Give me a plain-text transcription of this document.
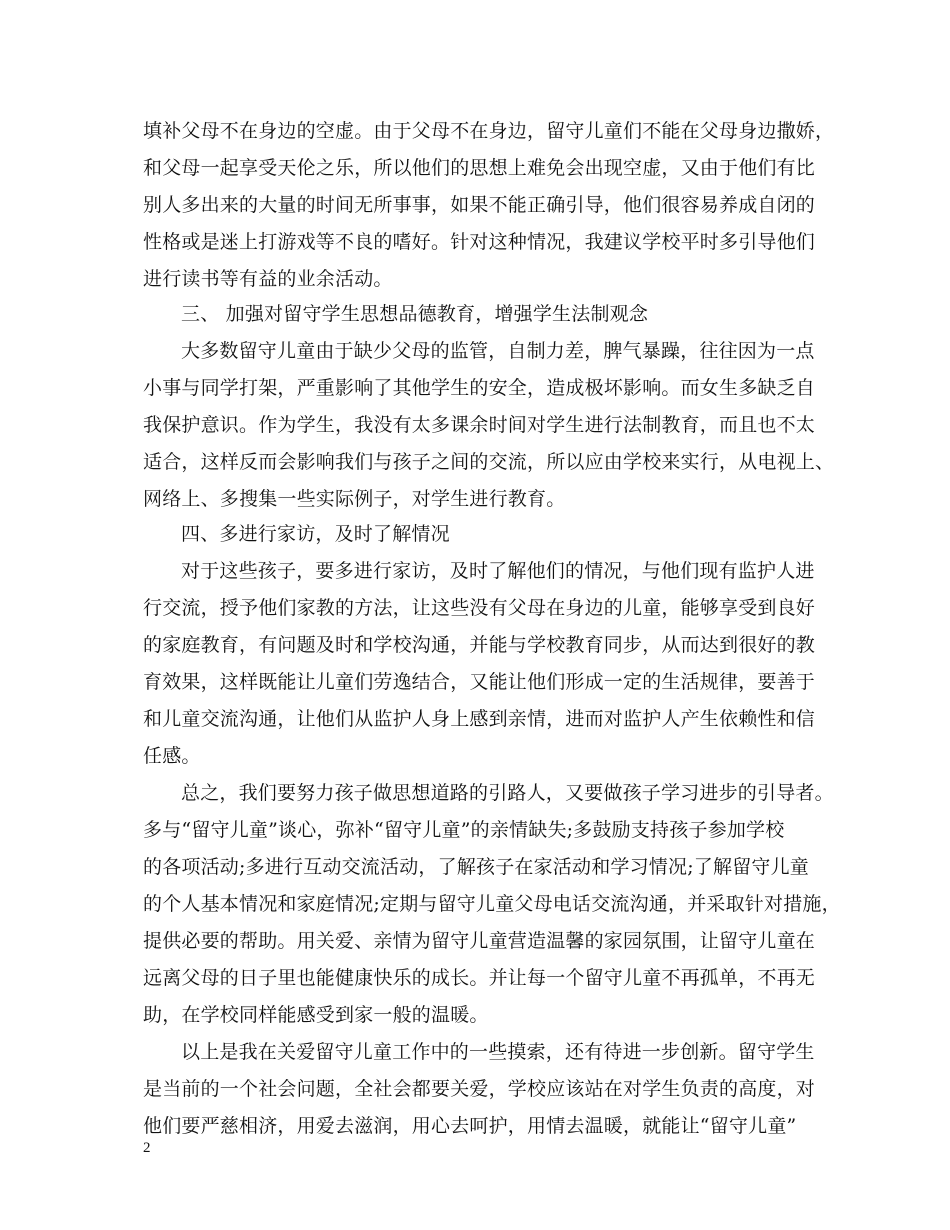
填补父母不在身边的空虚。由于父母不在身边，留守儿童们不能在父母身边撒娇，
和父母一起享受天伦之乐，所以他们的思想上难免会出现空虚，又由于他们有比
别人多出来的大量的时间无所事事，如果不能正确引导，他们很容易养成自闭的
性格或是迷上打游戏等不良的嗜好。针对这种情况，我建议学校平时多引导他们
进行读书等有益的业余活动。
三、 加强对留守学生思想品德教育，增强学生法制观念
大多数留守儿童由于缺少父母的监管，自制力差，脾气暴躁，往往因为一点
小事与同学打架，严重影响了其他学生的安全，造成极坏影响。而女生多缺乏自
我保护意识。作为学生，我没有太多课余时间对学生进行法制教育，而且也不太
适合，这样反而会影响我们与孩子之间的交流，所以应由学校来实行，从电视上、
网络上、多搜集一些实际例子，对学生进行教育。
四、多进行家访，及时了解情况
对于这些孩子，要多进行家访，及时了解他们的情况，与他们现有监护人进
行交流，授予他们家教的方法，让这些没有父母在身边的儿童，能够享受到良好
的家庭教育，有问题及时和学校沟通，并能与学校教育同步，从而达到很好的教
育效果，这样既能让儿童们劳逸结合，又能让他们形成一定的生活规律，要善于
和儿童交流沟通，让他们从监护人身上感到亲情，进而对监护人产生依赖性和信
任感。
总之，我们要努力孩子做思想道路的引路人，又要做孩子学习进步的引导者。
多与“留守儿童”谈心，弥补“留守儿童”的亲情缺失;多鼓励支持孩子参加学校
的各项活动;多进行互动交流活动，了解孩子在家活动和学习情况;了解留守儿童
的个人基本情况和家庭情况;定期与留守儿童父母电话交流沟通，并采取针对措施，
提供必要的帮助。用关爱、亲情为留守儿童营造温馨的家园氛围，让留守儿童在
远离父母的日子里也能健康快乐的成长。并让每一个留守儿童不再孤单，不再无
助，在学校同样能感受到家一般的温暖。
以上是我在关爱留守儿童工作中的一些摸索，还有待进一步创新。留守学生
是当前的一个社会问题，全社会都要关爱，学校应该站在对学生负责的高度，对
他们要严慈相济，用爱去滋润，用心去呵护，用情去温暖，就能让“留守儿童”
2
